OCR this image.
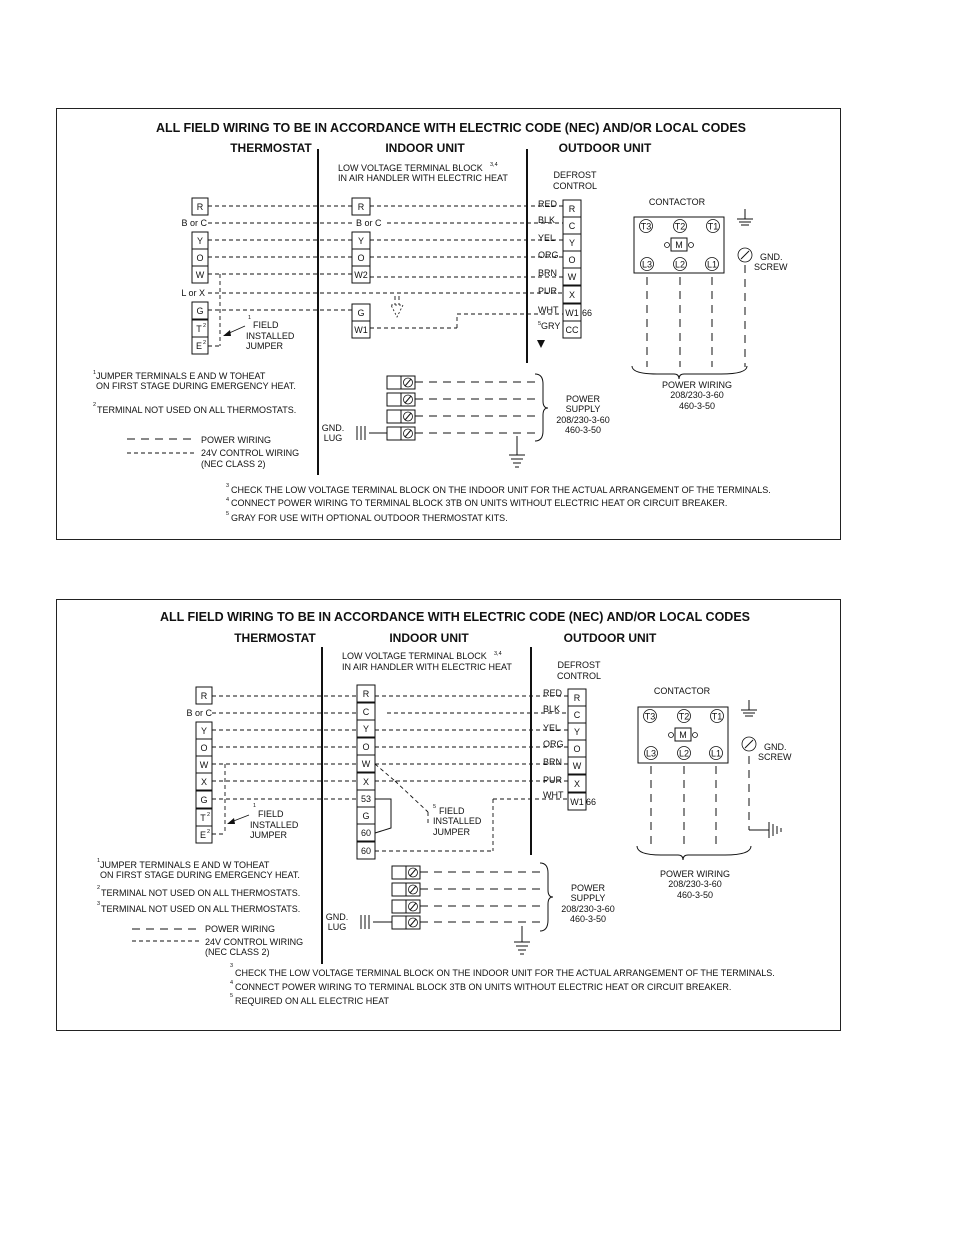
ALL FIELD WIRING TO BE IN ACCORDANCE WITH ELECTRIC CODE (NEC) AND/OR LOCAL CODES
THERMOSTAT	INDOOR UNIT	OUTDOOR UNIT
LOW VOLTAGE TERMINAL BLOCK 3,4
IN AIR HANDLER WITH ELECTRIC HEAT	DEFROST
CONTROL
R
B or C
Y
O
W
L or X
G
T 2
E 2
R
B or C
Y
O
W2
G
W1
R
C
Y
O
W
X
W1 66
CC
RED
BLK
YEL
ORG
BRN
PUR
WHT
5 GRY
1
FIELD
INSTALLED
JUMPER
CONTACTOR
T3	T2 T1
M
L3	L2 L1
GND.
SCREW
POWER WIRING
208/230-3-60
460-3-50
POWER
SUPPLY
208/230-3-60
460-3-50
GND.
LUG
1 JUMPER TERMINALS E AND W TOHEAT
ON FIRST STAGE DURING EMERGENCY HEAT.
2 TERMINAL NOT USED ON ALL THERMOSTATS.
POWER WIRING
24V CONTROL WIRING
(NEC CLASS 2)
3 CHECK THE LOW VOLTAGE TERMINAL BLOCK ON THE INDOOR UNIT FOR THE ACTUAL ARRANGEMENT OF THE TERMINALS.
4 CONNECT POWER WIRING TO TERMINAL BLOCK 3TB ON UNITS WITHOUT ELECTRIC HEAT OR CIRCUIT BREAKER.
5 GRAY FOR USE WITH OPTIONAL OUTDOOR THERMOSTAT KITS.
ALL FIELD WIRING TO BE IN ACCORDANCE WITH ELECTRIC CODE (NEC) AND/OR LOCAL CODES
THERMOSTAT	INDOOR UNIT	OUTDOOR UNIT
LOW VOLTAGE TERMINAL BLOCK 3,4
IN AIR HANDLER WITH ELECTRIC HEAT	DEFROST
CONTROL
R
B or C
Y
O
W
X
G
T 2
E 2
R
C
Y
O
W
X
53
G
60
60
R
C
Y
O
W
X
W1 66
RED
BLK
YEL
ORG
BRN
PUR
WHT
1
FIELD
INSTALLED
JUMPER
5 FIELD
INSTALLED
JUMPER
CONTACTOR
T3	T2 T1
M
L3	L2 L1
GND.
SCREW
POWER WIRING
208/230-3-60
460-3-50
POWER
SUPPLY
208/230-3-60
460-3-50
GND.
LUG
1 JUMPER TERMINALS E AND W TOHEAT
ON FIRST STAGE DURING EMERGENCY HEAT.
2 TERMINAL NOT USED ON ALL THERMOSTATS.
3 TERMINAL NOT USED ON ALL THERMOSTATS.
POWER WIRING
24V CONTROL WIRING
(NEC CLASS 2)
3
CHECK THE LOW VOLTAGE TERMINAL BLOCK ON THE INDOOR UNIT FOR THE ACTUAL ARRANGEMENT OF THE TERMINALS.
4 CONNECT POWER WIRING TO TERMINAL BLOCK 3TB ON UNITS WITHOUT ELECTRIC HEAT OR CIRCUIT BREAKER.
5 REQUIRED ON ALL ELECTRIC HEAT
